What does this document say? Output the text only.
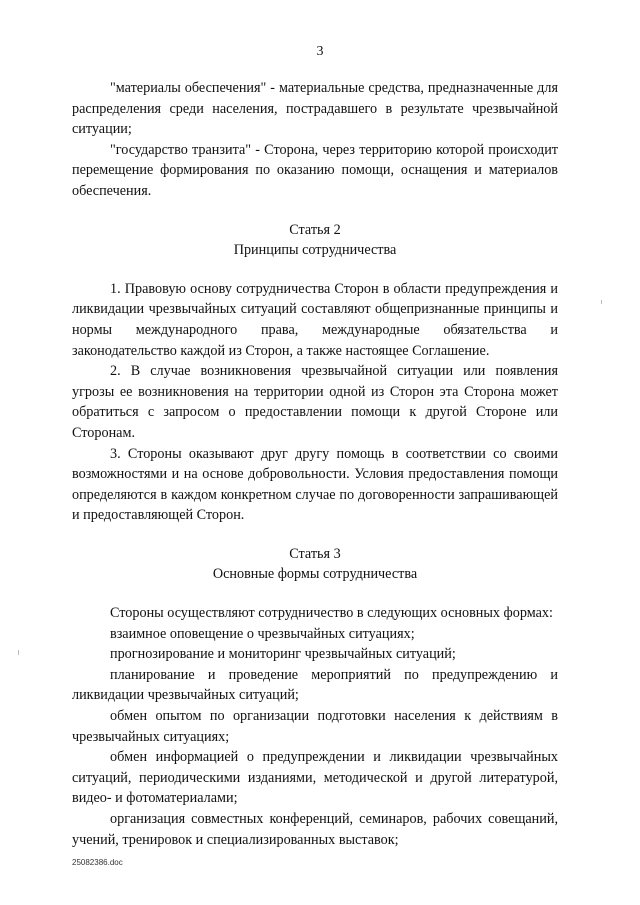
3

"материалы обеспечения" - материальные средства, предназначенные для распределения среди населения, пострадавшего в результате чрезвычайной ситуации;

"государство транзита" - Сторона, через территорию которой происходит перемещение формирования по оказанию помощи, оснащения и материалов обеспечения.

Статья 2

Принципы сотрудничества

1. Правовую основу сотрудничества Сторон в области предупреждения и ликвидации чрезвычайных ситуаций составляют общепризнанные принципы и нормы международного права, международные обязательства и законодательство каждой из Сторон, а также настоящее Соглашение.

2. В случае возникновения чрезвычайной ситуации или появления угрозы ее возникновения на территории одной из Сторон эта Сторона может обратиться с запросом о предоставлении помощи к другой Стороне или Сторонам.

3. Стороны оказывают друг другу помощь в соответствии со своими возможностями и на основе добровольности. Условия предоставления помощи определяются в каждом конкретном случае по договоренности запрашивающей и предоставляющей Сторон.

Статья 3

Основные формы сотрудничества

Стороны осуществляют сотрудничество в следующих основных формах:

взаимное оповещение о чрезвычайных ситуациях;

прогнозирование и мониторинг чрезвычайных ситуаций;

планирование и проведение мероприятий по предупреждению и ликвидации чрезвычайных ситуаций;

обмен опытом по организации подготовки населения к действиям в чрезвычайных ситуациях;

обмен информацией о предупреждении и ликвидации чрезвычайных ситуаций, периодическими изданиями, методической и другой литературой, видео- и фотоматериалами;

организация совместных конференций, семинаров, рабочих совещаний, учений, тренировок и специализированных выставок;

25082386.doc
